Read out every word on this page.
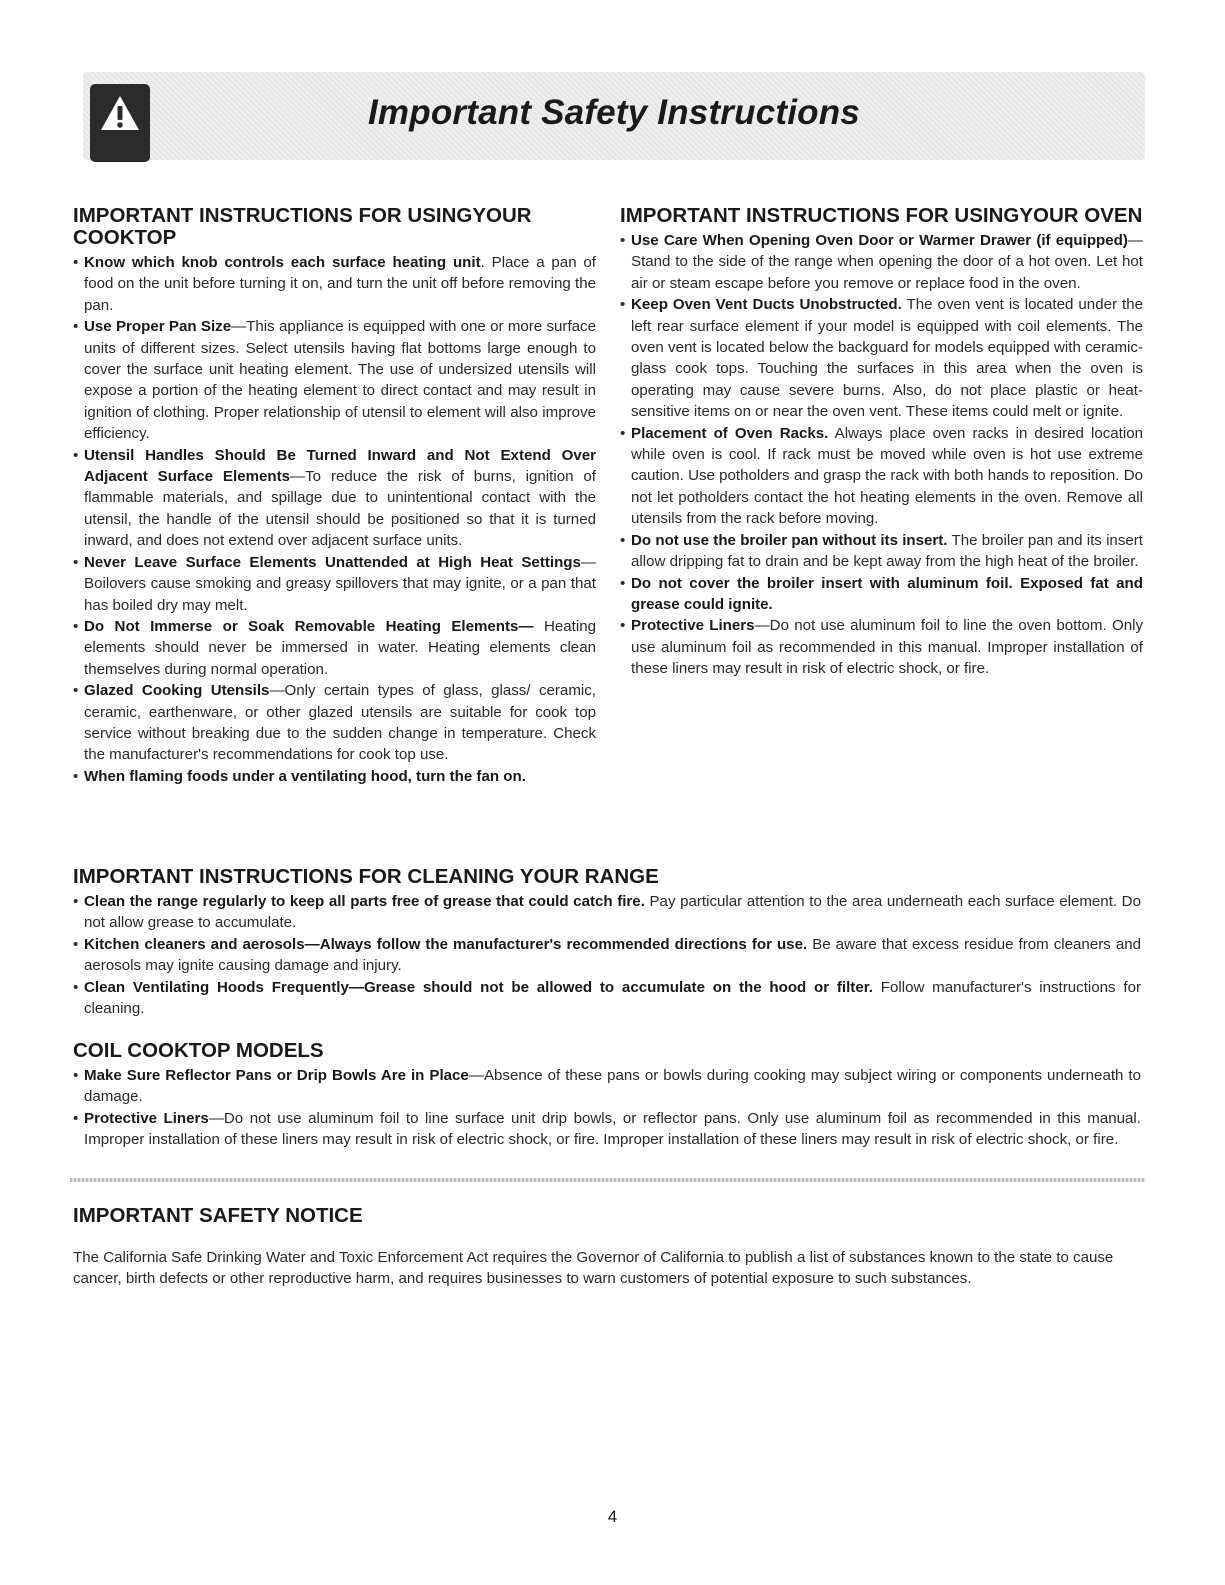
Important Safety Instructions
IMPORTANT INSTRUCTIONS FOR USINGYOUR COOKTOP
• Know which knob controls each surface heating unit. Place a pan of food on the unit before turning it on, and turn the unit off before removing the pan.
• Use Proper Pan Size—This appliance is equipped with one or more surface units of different sizes. Select utensils having flat bottoms large enough to cover the surface unit heating element. The use of undersized utensils will expose a portion of the heating element to direct contact and may result in ignition of clothing. Proper relationship of utensil to element will also improve efficiency.
• Utensil Handles Should Be Turned Inward and Not Extend Over Adjacent Surface Elements—To reduce the risk of burns, ignition of flammable materials, and spillage due to unintentional contact with the utensil, the handle of the utensil should be positioned so that it is turned inward, and does not extend over adjacent surface units.
• Never Leave Surface Elements Unattended at High Heat Settings—Boilovers cause smoking and greasy spillovers that may ignite, or a pan that has boiled dry may melt.
• Do Not Immerse or Soak Removable Heating Elements— Heating elements should never be immersed in water. Heating elements clean themselves during normal operation.
• Glazed Cooking Utensils—Only certain types of glass, glass/ ceramic, ceramic, earthenware, or other glazed utensils are suitable for cook top service without breaking due to the sudden change in temperature. Check the manufacturer's recommendations for cook top use.
• When flaming foods under a ventilating hood, turn the fan on.
IMPORTANT INSTRUCTIONS FOR USINGYOUR OVEN
• Use Care When Opening Oven Door or Warmer Drawer (if equipped)—Stand to the side of the range when opening the door of a hot oven. Let hot air or steam escape before you remove or replace food in the oven.
• Keep Oven Vent Ducts Unobstructed. The oven vent is located under the left rear surface element if your model is equipped with coil elements. The oven vent is located below the backguard for models equipped with ceramic-glass cook tops. Touching the surfaces in this area when the oven is operating may cause severe burns. Also, do not place plastic or heat-sensitive items on or near the oven vent. These items could melt or ignite.
• Placement of Oven Racks. Always place oven racks in desired location while oven is cool. If rack must be moved while oven is hot use extreme caution. Use potholders and grasp the rack with both hands to reposition. Do not let potholders contact the hot heating elements in the oven. Remove all utensils from the rack before moving.
• Do not use the broiler pan without its insert. The broiler pan and its insert allow dripping fat to drain and be kept away from the high heat of the broiler.
• Do not cover the broiler insert with aluminum foil. Exposed fat and grease could ignite.
• Protective Liners—Do not use aluminum foil to line the oven bottom. Only use aluminum foil as recommended in this manual. Improper installation of these liners may result in risk of electric shock, or fire.
IMPORTANT INSTRUCTIONS FOR CLEANING YOUR RANGE
• Clean the range regularly to keep all parts free of grease that could catch fire. Pay particular attention to the area underneath each surface element. Do not allow grease to accumulate.
• Kitchen cleaners and aerosols—Always follow the manufacturer's recommended directions for use. Be aware that excess residue from cleaners and aerosols may ignite causing damage and injury.
• Clean Ventilating Hoods Frequently—Grease should not be allowed to accumulate on the hood or filter. Follow manufacturer's instructions for cleaning.
COIL COOKTOP MODELS
• Make Sure Reflector Pans or Drip Bowls Are in Place—Absence of these pans or bowls during cooking may subject wiring or components underneath to damage.
• Protective Liners—Do not use aluminum foil to line surface unit drip bowls, or reflector pans. Only use aluminum foil as recommended in this manual. Improper installation of these liners may result in risk of electric shock, or fire. Improper installation of these liners may result in risk of electric shock, or fire.
IMPORTANT SAFETY NOTICE

The California Safe Drinking Water and Toxic Enforcement Act requires the Governor of California to publish a list of substances known to the state to cause cancer, birth defects or other reproductive harm, and requires businesses to warn customers of potential exposure to such substances.

4
